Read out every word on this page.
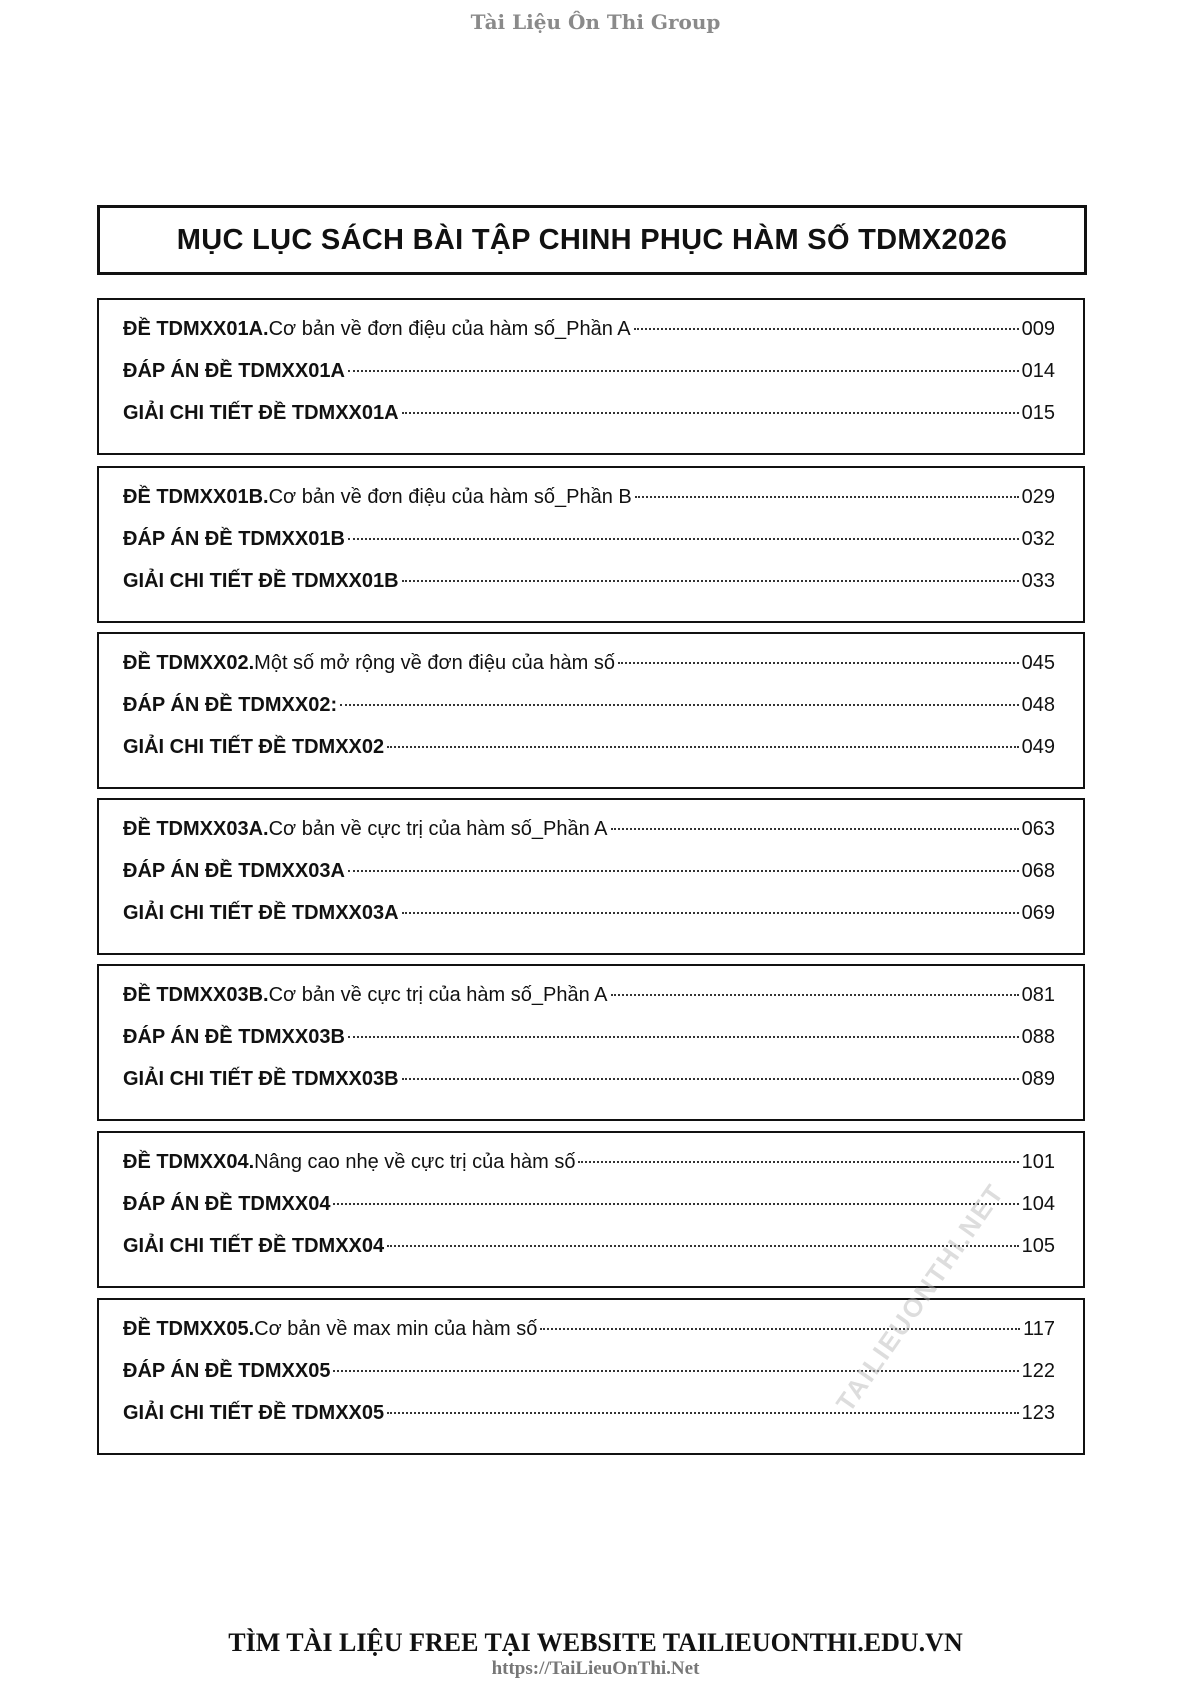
Tài Liệu Ôn Thi Group
MỤC LỤC SÁCH BÀI TẬP CHINH PHỤC HÀM SỐ TDMX2026
ĐỀ TDMXX01A. Cơ bản về đơn điệu của hàm số_Phần A	009
ĐÁP ÁN ĐỀ TDMXX01A	014
GIẢI CHI TIẾT ĐỀ TDMXX01A	015
ĐỀ TDMXX01B. Cơ bản về đơn điệu của hàm số_Phần B	029
ĐÁP ÁN ĐỀ TDMXX01B	032
GIẢI CHI TIẾT ĐỀ TDMXX01B	033
ĐỀ TDMXX02. Một số mở rộng về đơn điệu của hàm số	045
ĐÁP ÁN ĐỀ TDMXX02:	048
GIẢI CHI TIẾT ĐỀ TDMXX02	049
ĐỀ TDMXX03A. Cơ bản về cực trị của hàm số_Phần A	063
ĐÁP ÁN ĐỀ TDMXX03A	068
GIẢI CHI TIẾT ĐỀ TDMXX03A	069
ĐỀ TDMXX03B. Cơ bản về cực trị của hàm số_Phần A	081
ĐÁP ÁN ĐỀ TDMXX03B	088
GIẢI CHI TIẾT ĐỀ TDMXX03B	089
ĐỀ TDMXX04. Nâng cao nhẹ về cực trị của hàm số	101
ĐÁP ÁN ĐỀ TDMXX04	104
GIẢI CHI TIẾT ĐỀ TDMXX04	105
ĐỀ TDMXX05. Cơ bản về max min của hàm số	117
ĐÁP ÁN ĐỀ TDMXX05	122
GIẢI CHI TIẾT ĐỀ TDMXX05	123
TAILIEUONTHI.NET
TÌM TÀI LIỆU FREE TẠI WEBSITE TAILIEUONTHI.EDU.VN
https://TaiLieuOnThi.Net
